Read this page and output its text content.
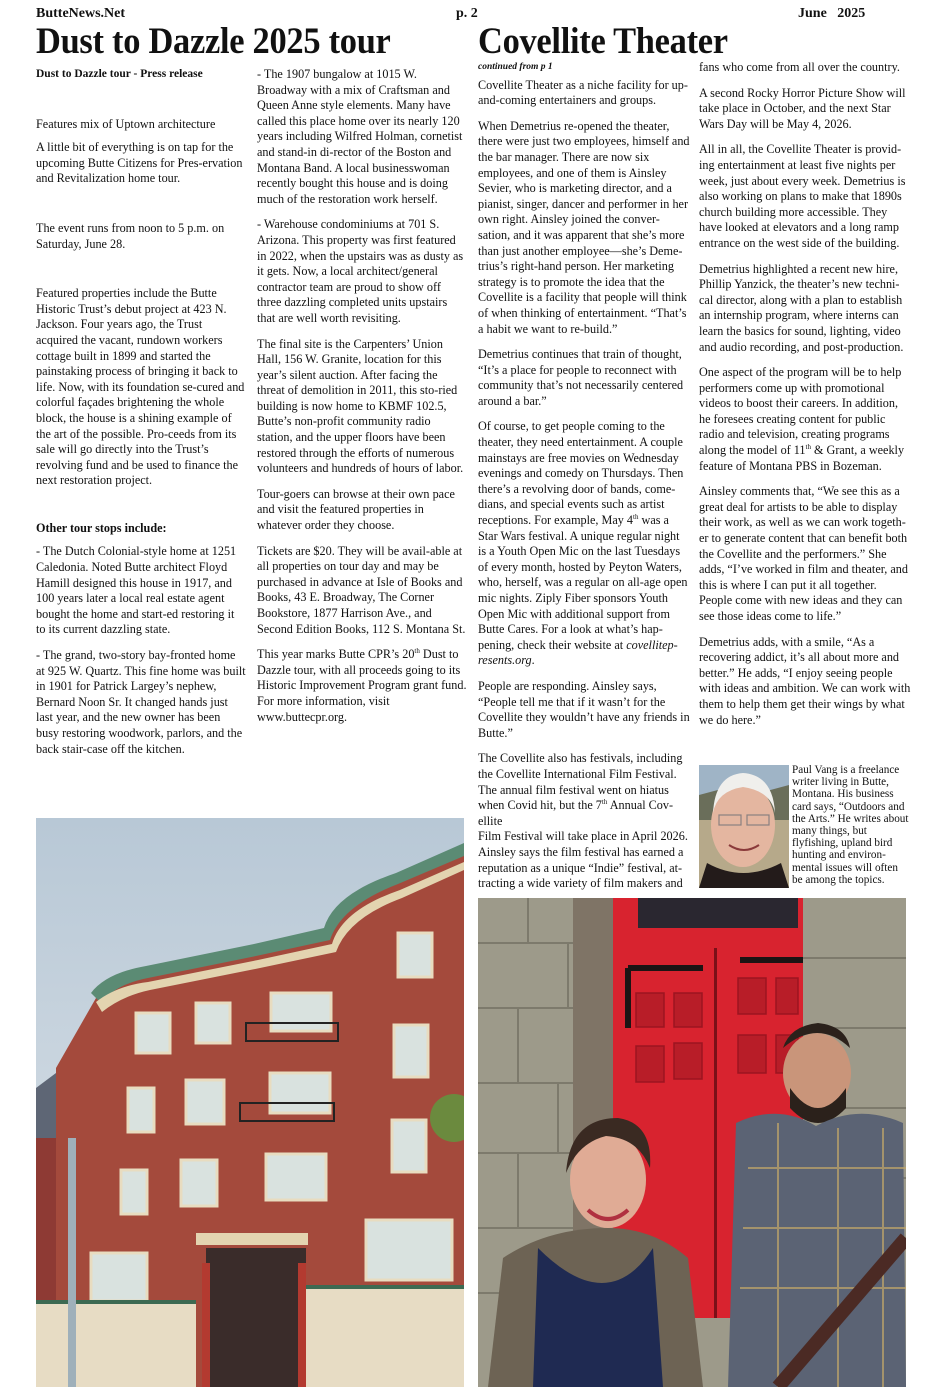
ButteNews.Net	p. 2	June 2025
Dust to Dazzle 2025 tour Covellite Theater

Dust to Dazzle tour - Press release

Features mix of Uptown architecture

A little bit of everything is on tap for the upcoming Butte Citizens for Pres-ervation and Revitalization home tour.

The event runs from noon to 5 p.m. on Saturday, June 28.

Featured properties include the Butte Historic Trust’s debut project at 423 N. Jackson. Four years ago, the Trust acquired the vacant, rundown workers cottage built in 1899 and started the painstaking process of bringing it back to life. Now, with its foundation se-cured and colorful façades brightening the whole block, the house is a shining example of the art of the possible. Pro-ceeds from its sale will go directly into the Trust’s revolving fund and be used to finance the next restoration project.

Other tour stops include:

- The Dutch Colonial-style home at 1251 Caledonia. Noted Butte architect Floyd Hamill designed this house in 1917, and 100 years later a local real estate agent bought the home and start-ed restoring it to its current dazzling state.

- The grand, two-story bay-fronted home at 925 W. Quartz. This fine home was built in 1901 for Patrick Largey’s nephew, Bernard Noon Sr. It changed hands just last year, and the new owner has been busy restoring woodwork, parlors, and the back stair-case off the kitchen.

- The 1907 bungalow at 1015 W. Broadway with a mix of Craftsman and Queen Anne style elements. Many have called this place home over its nearly 120 years including Wilfred Holman, cornetist and stand-in di-rector of the Boston and Montana Band. A local businesswoman recently bought this house and is doing much of the restoration work herself.

- Warehouse condominiums at 701 S. Arizona. This property was first featured in 2022, when the upstairs was as dusty as it gets. Now, a local architect/general contractor team are proud to show off three dazzling completed units upstairs that are well worth revisiting.

The final site is the Carpenters’ Union Hall, 156 W. Granite, location for this year’s silent auction. After facing the threat of demolition in 2011, this sto-ried building is now home to KBMF 102.5, Butte’s non-profit community radio station, and the upper floors have been restored through the efforts of numerous volunteers and hundreds of hours of labor.

Tour-goers can browse at their own pace and visit the featured properties in whatever order they choose.

Tickets are $20. They will be avail-able at all properties on tour day and may be purchased in advance at Isle of Books and Books, 43 E. Broadway, The Corner Bookstore, 1877 Harrison Ave., and Second Edition Books, 112 S. Montana St.

This year marks Butte CPR’s 20th Dust to Dazzle tour, with all proceeds going to its Historic Improvement Program grant fund. For more information, visit www.buttecpr.org.

continued from p 1

Covellite Theater as a niche facility for up-and-coming entertainers and groups.

When Demetrius re-opened the theater, there were just two employees, himself and the bar manager. There are now six employees, and one of them is Ainsley Sevier, who is marketing director, and a pianist, singer, dancer and performer in her own right. Ainsley joined the conver-sation, and it was apparent that she’s more than just another employee—she’s Deme-trius’s right-hand person. Her marketing strategy is to promote the idea that the Covellite is a facility that people will think of when thinking of entertainment. “That’s a habit we want to re-build.”

Demetrius continues that train of thought, “It’s a place for people to reconnect with community that’s not necessarily centered around a bar.”

Of course, to get people coming to the theater, they need entertainment. A couple mainstays are free movies on Wednesday evenings and comedy on Thursdays. Then there’s a revolving door of bands, come-dians, and special events such as artist receptions. For example, May 4th was a Star Wars festival. A unique regular night is a Youth Open Mic on the last Tuesdays of every month, hosted by Peyton Waters, who, herself, was a regular on all-age open mic nights. Ziply Fiber sponsors Youth Open Mic with additional support from Butte Cares. For a look at what’s hap-pening, check their website at covellitep-resents.org.

People are responding. Ainsley says, “People tell me that if it wasn’t for the Covellite they wouldn’t have any friends in Butte.”

The Covellite also has festivals, including the Covellite International Film Festival. The annual film festival went on hiatus when Covid hit, but the 7th Annual Cov-ellite
Film Festival will take place in April 2026. Ainsley says the film festival has earned a reputation as a unique “Indie” festival, at-tracting a wide variety of film makers and

fans who come from all over the country.

A second Rocky Horror Picture Show will take place in October, and the next Star Wars Day will be May 4, 2026.

All in all, the Covellite Theater is provid-ing entertainment at least five nights per week, just about every week. Demetrius is also working on plans to make that 1890s church building more accessible. They have looked at elevators and a long ramp entrance on the west side of the building.

Demetrius highlighted a recent new hire, Phillip Yanzick, the theater’s new techni-cal director, along with a plan to establish an internship program, where interns can learn the basics for sound, lighting, video and audio recording, and post-production.

One aspect of the program will be to help performers come up with promotional videos to boost their careers. In addition, he foresees creating content for public radio and television, creating programs along the model of 11th & Grant, a weekly feature of Montana PBS in Bozeman.

Ainsley comments that, “We see this as a great deal for artists to be able to display their work, as well as we can work togeth-er to generate content that can benefit both the Covellite and the performers.” She adds, “I’ve worked in film and theater, and this is where I can put it all together. People come with new ideas and they can see those ideas come to life.”

Demetrius adds, with a smile, “As a recovering addict, it’s all about more and better.” He adds, “I enjoy seeing people with ideas and ambition. We can work with them to help them get their wings by what we do here.”

Paul Vang is a freelance writer living in Butte, Montana. His business card says, “Outdoors and the Arts.” He writes about many things, but flyfishing, upland bird hunting and environ-mental issues will often be among the topics.
